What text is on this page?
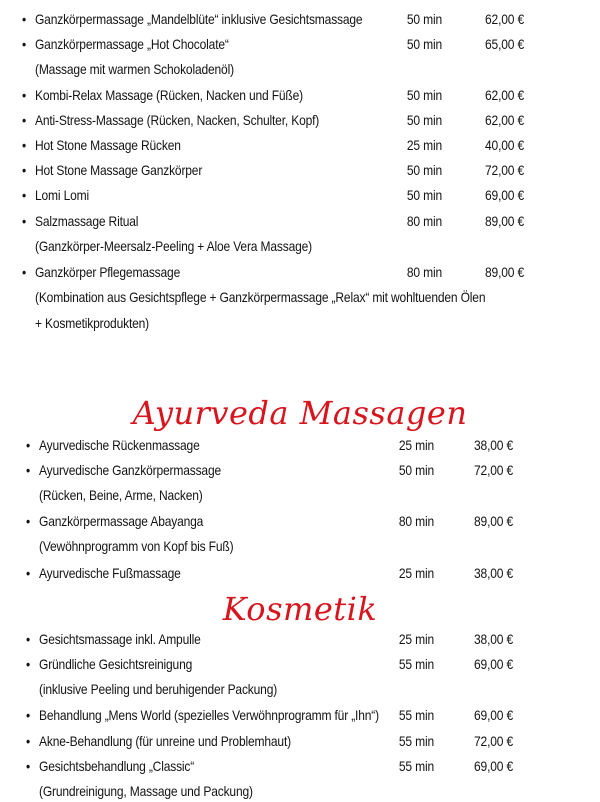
• Ganzkörpermassage „Mandelblüte“ inklusive Gesichtsmassage	50 min	62,00 €
• Ganzkörpermassage „Hot Chocolate“	50 min	65,00 €
(Massage mit warmen Schokoladenöl)
• Kombi-Relax Massage (Rücken, Nacken und Füße)	50 min	62,00 €
• Anti-Stress-Massage (Rücken, Nacken, Schulter, Kopf)	50 min	62,00 €
• Hot Stone Massage Rücken	25 min	40,00 €
• Hot Stone Massage Ganzkörper	50 min	72,00 €
• Lomi Lomi	50 min	69,00 €
• Salzmassage Ritual	80 min	89,00 €
(Ganzkörper-Meersalz-Peeling + Aloe Vera Massage)
• Ganzkörper Pflegemassage	80 min	89,00 €
(Kombination aus Gesichtspflege + Ganzkörpermassage „Relax“ mit wohltuenden Ölen
+ Kosmetikprodukten)
Ayurveda Massagen
• Ayurvedische Rückenmassage	25 min	38,00 €
• Ayurvedische Ganzkörpermassage	50 min	72,00 €
(Rücken, Beine, Arme, Nacken)
• Ganzkörpermassage Abayanga	80 min	89,00 €
(Vewöhnprogramm von Kopf bis Fuß)
• Ayurvedische Fußmassage	25 min	38,00 €
Kosmetik
• Gesichtsmassage inkl. Ampulle	25 min	38,00 €
• Gründliche Gesichtsreinigung	55 min	69,00 €
(inklusive Peeling und beruhigender Packung)
• Behandlung „Mens World (spezielles Verwöhnprogramm für „Ihn“)	55 min	69,00 €
• Akne-Behandlung (für unreine und Problemhaut)	55 min	72,00 €
• Gesichtsbehandlung „Classic“	55 min	69,00 €
(Grundreinigung, Massage und Packung)
